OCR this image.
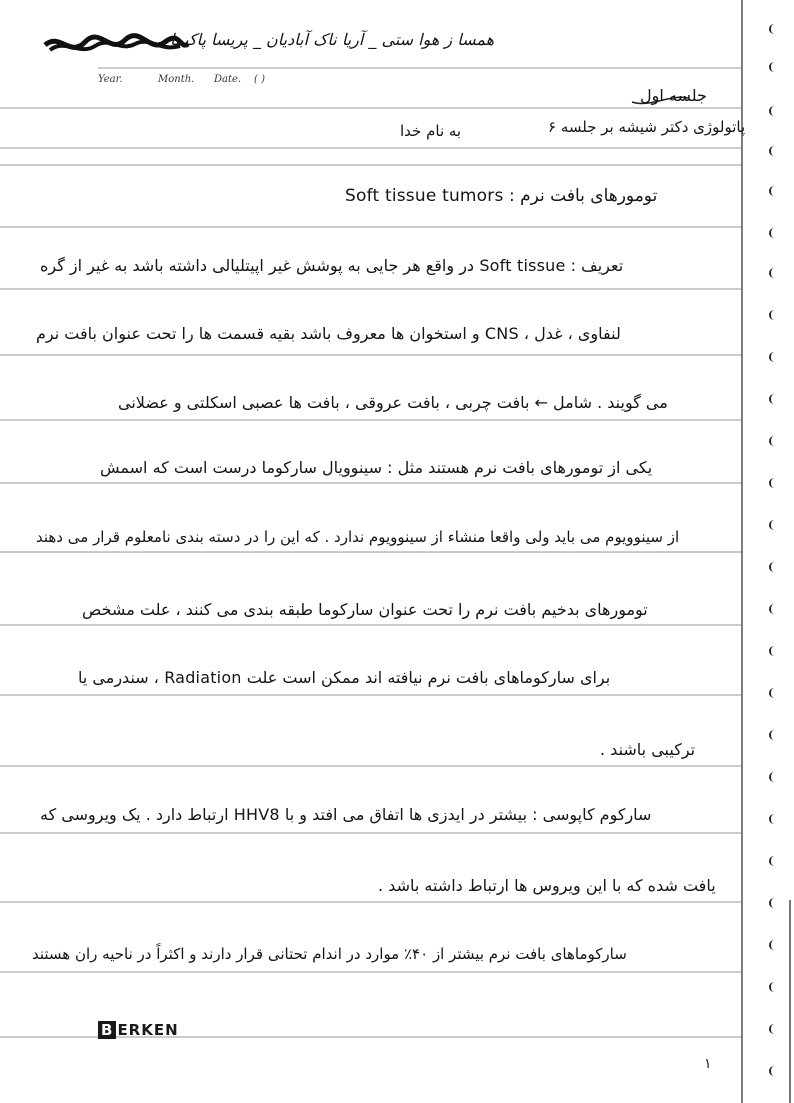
همسا ز هوا ستی _ آریا ناک آبادیان _ پریسا پاکیما
Year.	Month.	Date.	( )
جلسه اول
به نام خدا	پاتولوژی دکتر شیشه بر جلسه ۶
تومورهای بافت نرم : Soft tissue tumors
تعریف : Soft tissue در واقع هر جایی به پوشش غیر اپیتلیالی داشته باشد به غیر از گره
لنفاوی ، غدل ، CNS و استخوان ها معروف باشد بقیه قسمت ها را تحت عنوان بافت نرم
می گویند . شامل ← بافت چربی ، بافت عروقی ، بافت ها عصبی اسکلتی و عضلانی
یکی از تومورهای بافت نرم هستند مثل : سینوویال سارکوما درست است که اسمش
از سینوویوم می باید ولی واقعا منشاء از سینوویوم ندارد . که این را در دسته بندی نامعلوم قرار می دهند
تومورهای بدخیم بافت نرم را تحت عنوان سارکوما طبقه بندی می کنند ، علت مشخص
برای سارکوماهای بافت نرم نیافته اند ممکن است علت Radiation ، سندرمی یا
ترکیبی باشند .
سارکوم کاپوسی : بیشتر در ایدزی ها اتفاق می افتد و با HHV8 ارتباط دارد . یک ویروسی که
یافت شده که با این ویروس ها ارتباط داشته باشد .
سارکوماهای بافت نرم بیشتر از ۴۰٪ موارد در اندام تحتانی قرار دارند و اکثراً در ناحیه ران هستند
B ERKEN
۱
